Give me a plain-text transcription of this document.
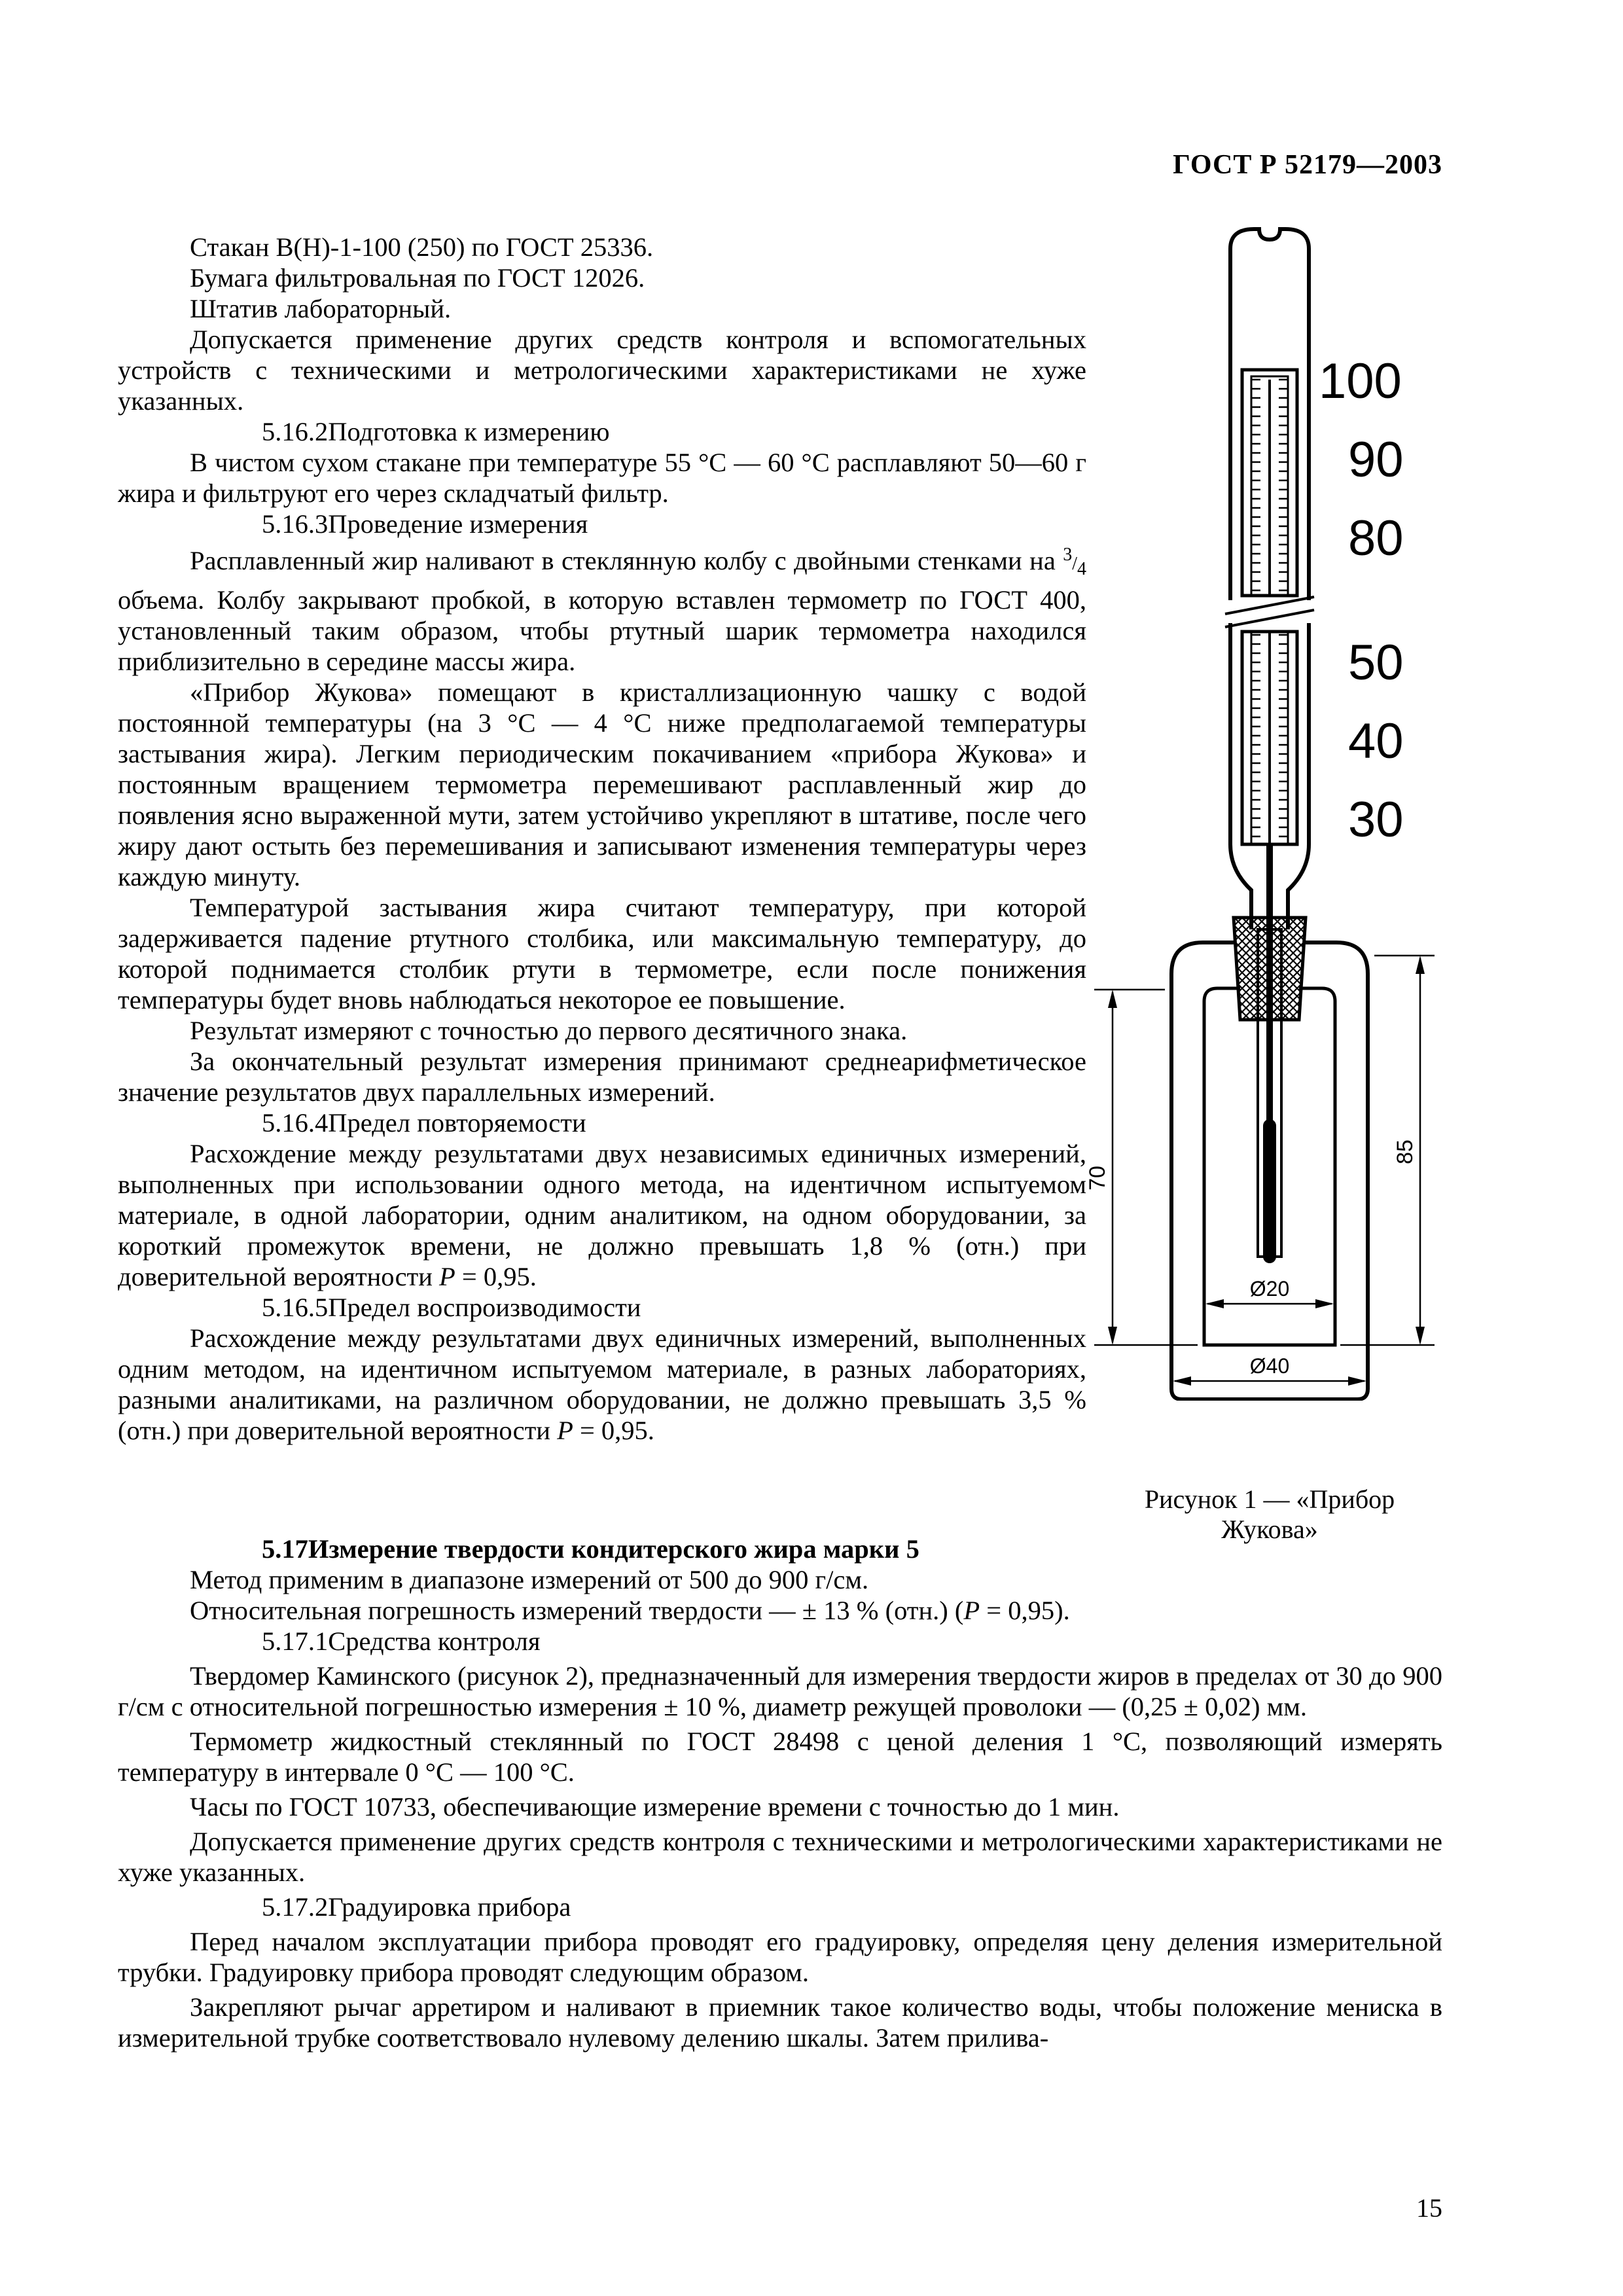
ГОСТ Р 52179—2003

Стакан В(Н)-1-100 (250) по ГОСТ 25336.

Бумага фильтровальная по ГОСТ 12026.

Штатив лабораторный.

Допускается применение других средств контроля и вспомогательных устройств с техническими и метрологическими характеристиками не хуже указанных.

5.16.2Подготовка к измерению

В чистом сухом стакане при температуре 55 °С — 60 °С расплавляют 50—60 г жира и фильтруют его через складчатый фильтр.

5.16.3Проведение измерения

Расплавленный жир наливают в стеклянную колбу с двойными стенками на 3/4 объема. Колбу закрывают пробкой, в которую вставлен термометр по ГОСТ 400, установленный таким образом, чтобы ртутный шарик термометра находился приблизительно в середине массы жира.

«Прибор Жукова» помещают в кристаллизационную чашку с водой постоянной температуры (на 3 °С — 4 °С ниже предполагаемой температуры застывания жира). Легким периодическим покачиванием «прибора Жукова» и постоянным вращением термометра перемешивают расплавленный жир до появления ясно выраженной мути, затем устойчиво укрепляют в штативе, после чего жиру дают остыть без перемешивания и записывают изменения температуры через каждую минуту.

Температурой застывания жира считают температуру, при которой задерживается падение ртутного столбика, или максимальную температуру, до которой поднимается столбик ртути в термометре, если после понижения температуры будет вновь наблюдаться некоторое ее повышение.

Результат измеряют с точностью до первого десятичного знака.

За окончательный результат измерения принимают среднеарифметическое значение результатов двух параллельных измерений.

5.16.4Предел повторяемости

Расхождение между результатами двух независимых единичных измерений, выполненных при использовании одного метода, на идентичном испытуемом материале, в одной лаборатории, одним аналитиком, на одном оборудовании, за короткий промежуток времени, не должно превышать 1,8 % (отн.) при доверительной вероятности Р = 0,95.

5.16.5Предел воспроизводимости

Расхождение между результатами двух единичных измерений, выполненных одним методом, на идентичном испытуемом материале, в разных лабораториях, разными аналитиками, на различном оборудовании, не должно превышать 3,5 % (отн.) при доверительной вероятности Р = 0,95.

5.17Измерение твердости кондитерского жира марки 5

Метод применим в диапазоне измерений от 500 до 900 г/см.

Относительная погрешность измерений твердости — ± 13 % (отн.) (Р = 0,95).

5.17.1Средства контроля

Твердомер Каминского (рисунок 2), предназначенный для измерения твердости жиров в пределах от 30 до 900 г/см с относительной погрешностью измерения ± 10 %, диаметр режущей проволоки — (0,25 ± 0,02) мм.

Термометр жидкостный стеклянный по ГОСТ 28498 с ценой деления 1 °С, позволяющий измерять температуру в интервале 0 °С — 100 °С.

Часы по ГОСТ 10733, обеспечивающие измерение времени с точностью до 1 мин.

Допускается применение других средств контроля с техническими и метрологическими характеристиками не хуже указанных.

5.17.2Градуировка прибора

Перед началом эксплуатации прибора проводят его градуировку, определяя цену деления измерительной трубки. Градуировку прибора проводят следующим образом.

Закрепляют рычаг арретиром и наливают в приемник такое количество воды, чтобы положение мениска в измерительной трубке соответствовало нулевому делению шкалы. Затем прилива-

100
90
80
50
40
30
70
85
Ø20
Ø40
Рисунок 1 — «Прибор Жукова»
15
